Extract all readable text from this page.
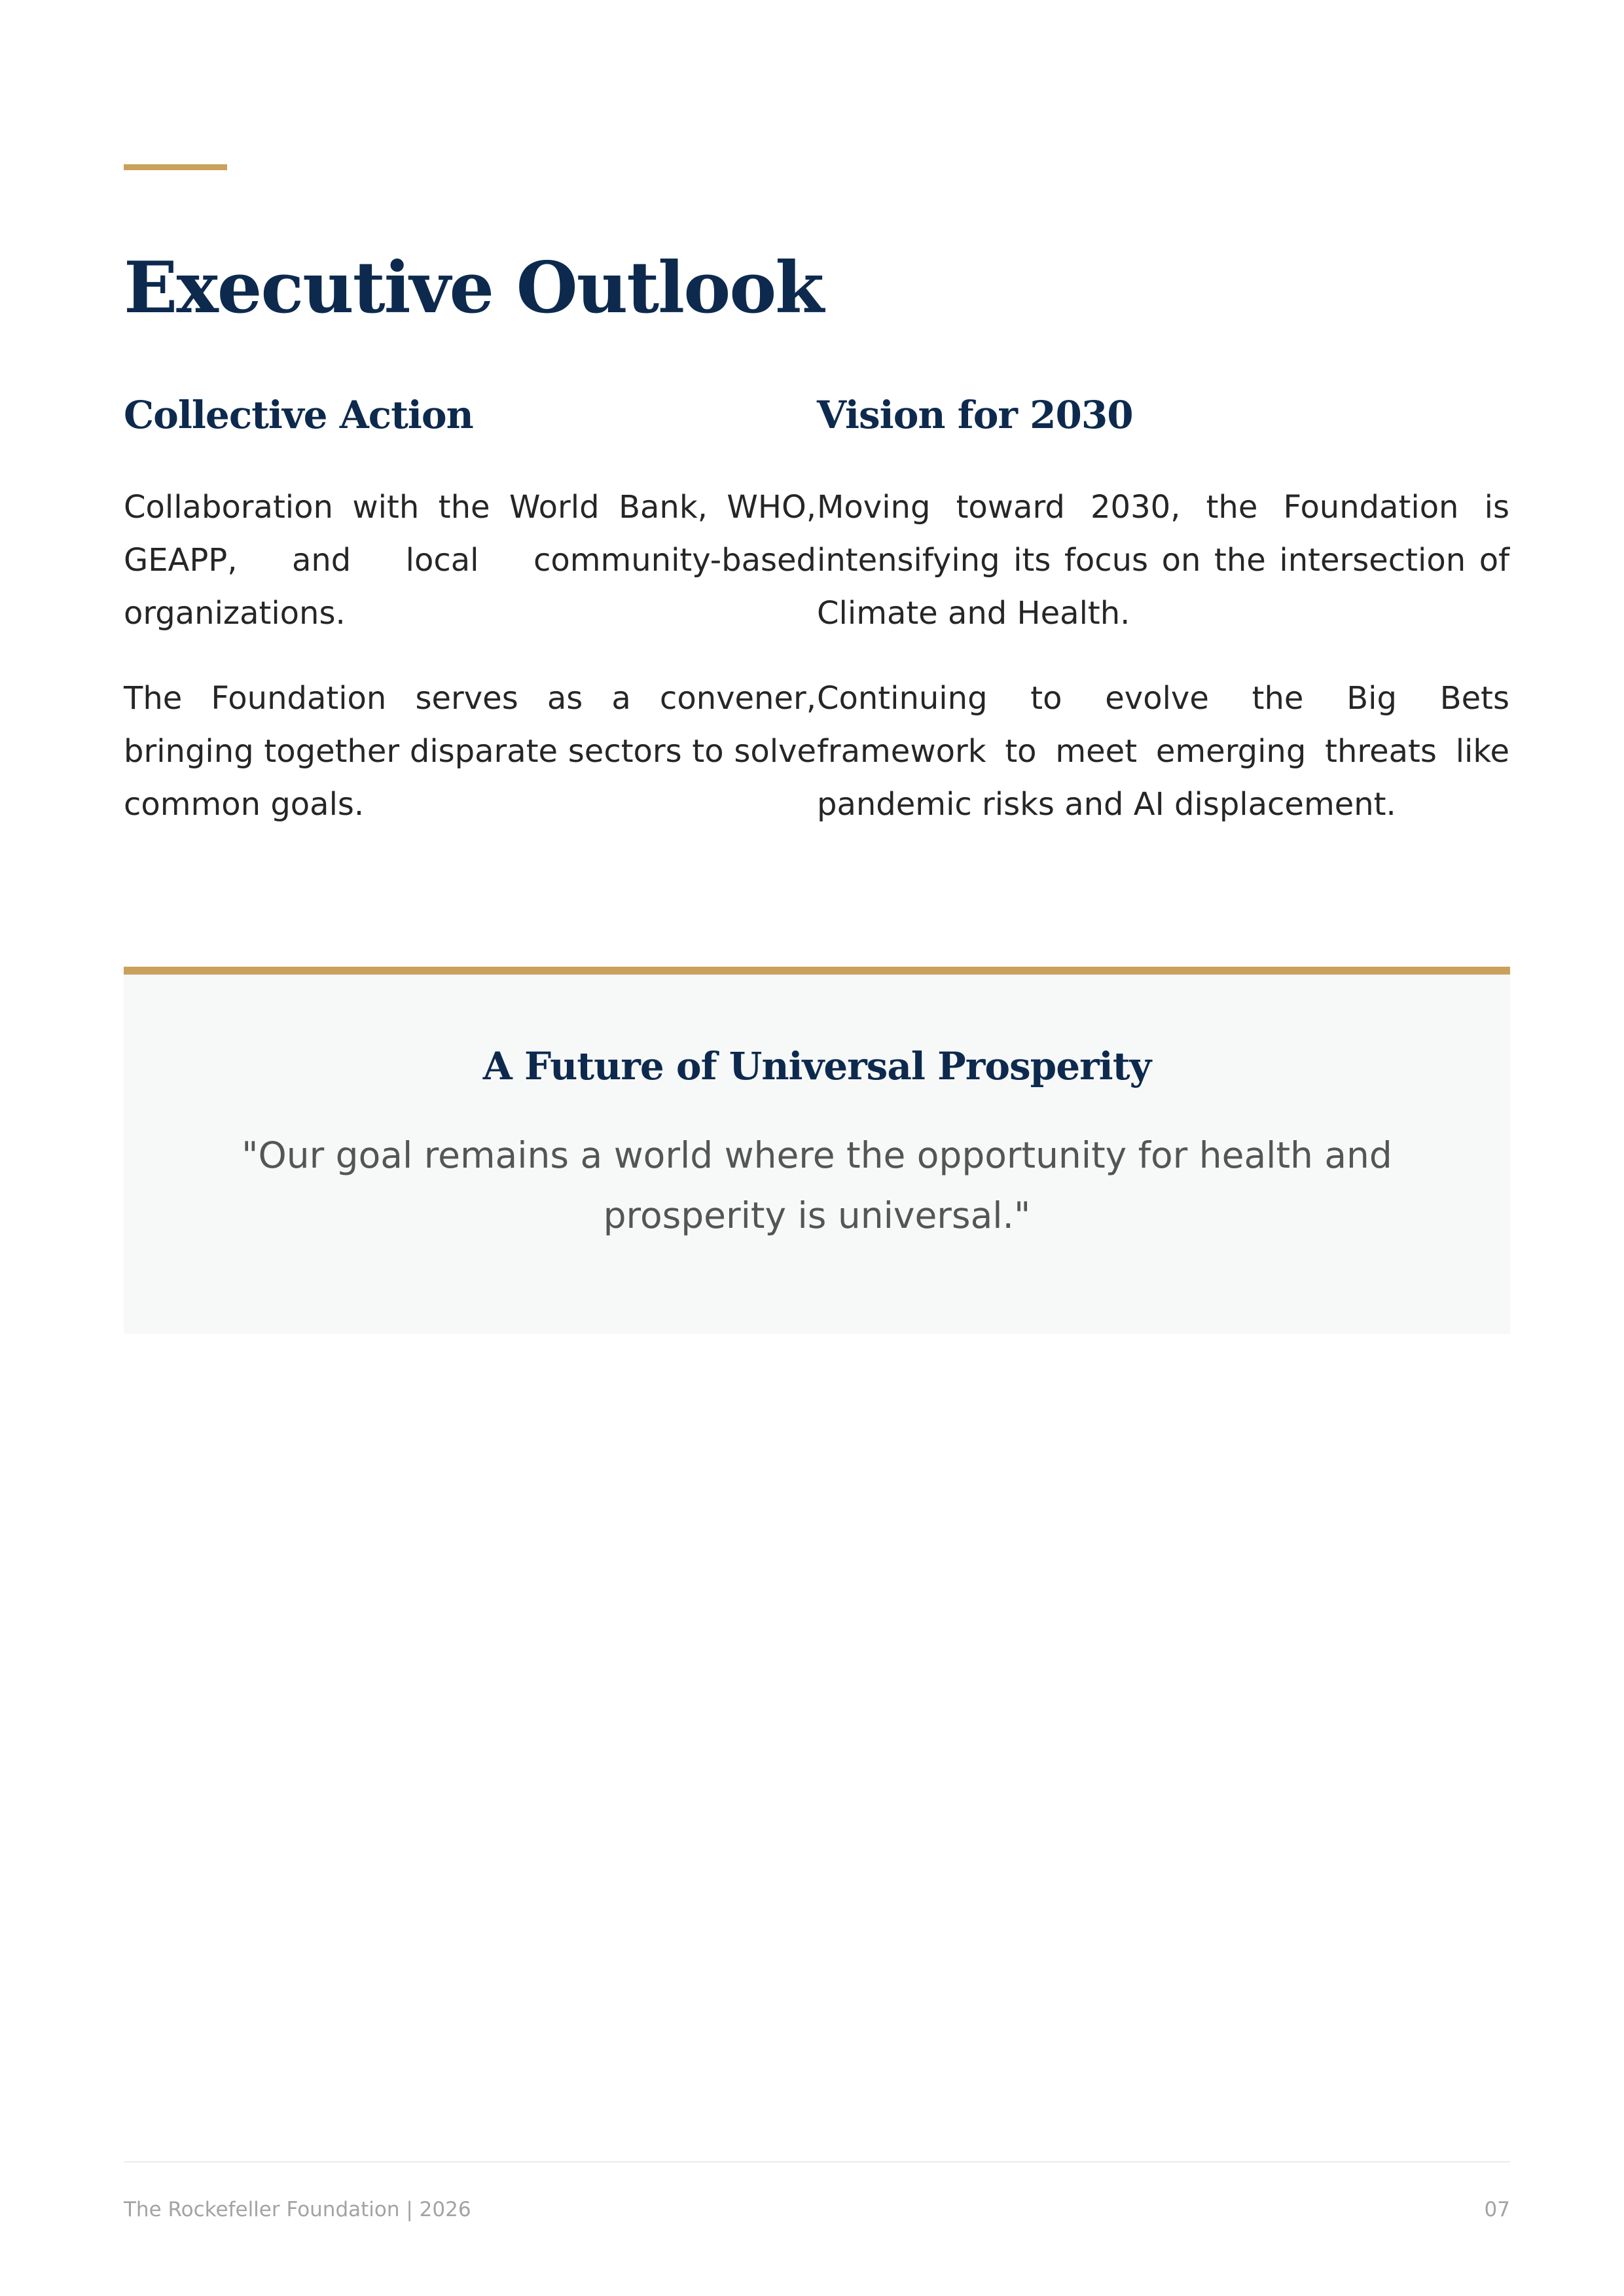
Executive Outlook
Collective Action

Collaboration with the World Bank, WHO, GEAPP, and local community-based organizations.

The Foundation serves as a convener, bringing together disparate sectors to solve common goals.

Vision for 2030

Moving toward 2030, the Foundation is intensifying its focus on the intersection of Climate and Health.

Continuing to evolve the Big Bets framework to meet emerging threats like pandemic risks and AI displacement.

A Future of Universal Prosperity

"Our goal remains a world where the opportunity for health and prosperity is universal."

The Rockefeller Foundation | 2026	07
